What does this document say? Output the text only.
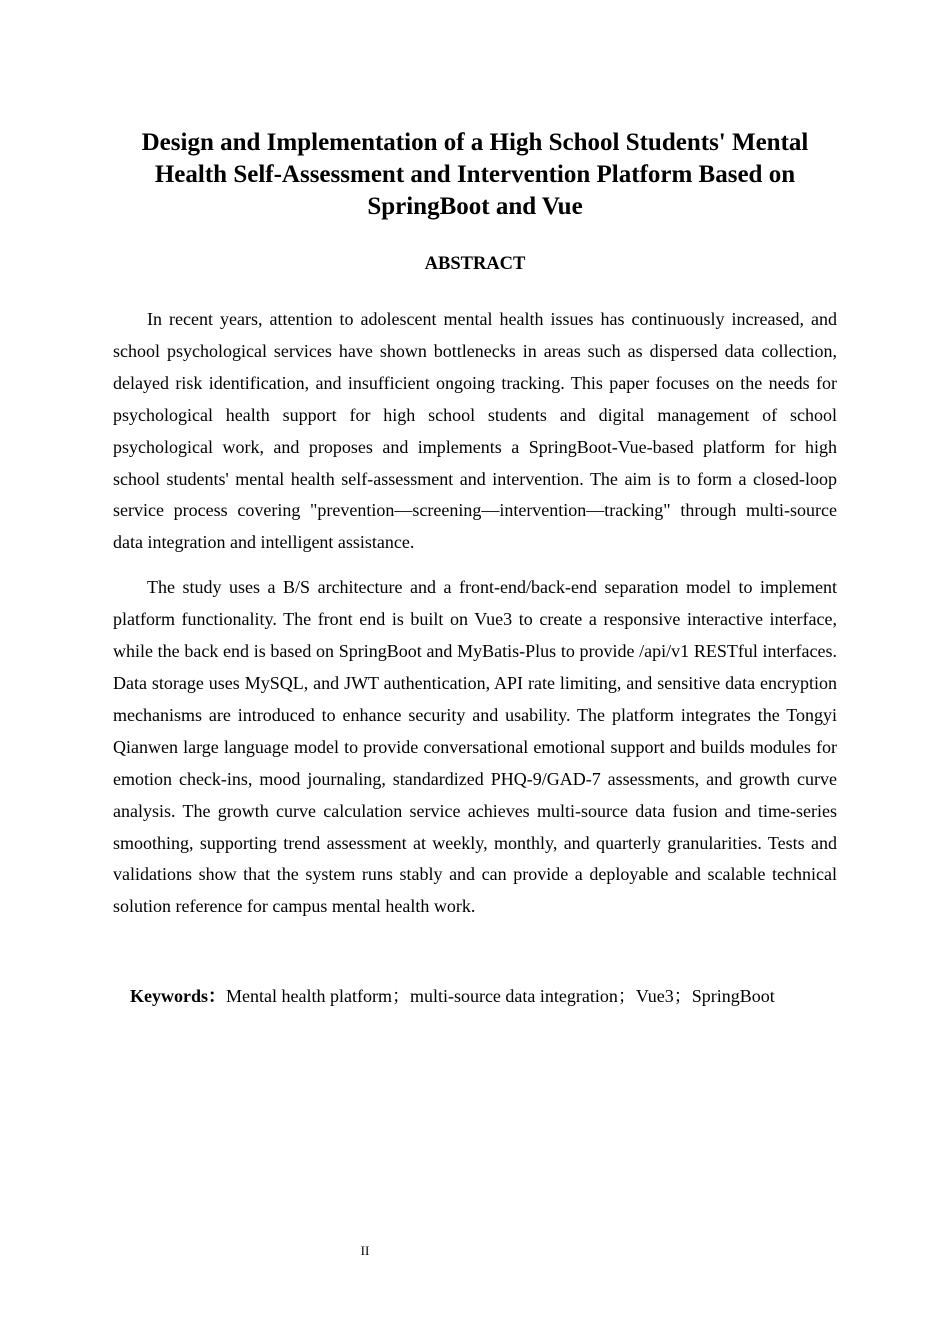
Design and Implementation of a High School Students' Mental Health Self-Assessment and Intervention Platform Based on SpringBoot and Vue
ABSTRACT

In recent years, attention to adolescent mental health issues has continuously increased, and school psychological services have shown bottlenecks in areas such as dispersed data collection, delayed risk identification, and insufficient ongoing tracking. This paper focuses on the needs for psychological health support for high school students and digital management of school psychological work, and proposes and implements a SpringBoot-Vue-based platform for high school students' mental health self-assessment and intervention. The aim is to form a closed-loop service process covering "prevention—screening—intervention—tracking" through multi-source data integration and intelligent assistance.

The study uses a B/S architecture and a front-end/back-end separation model to implement platform functionality. The front end is built on Vue3 to create a responsive interactive interface, while the back end is based on SpringBoot and MyBatis-Plus to provide /api/v1 RESTful interfaces. Data storage uses MySQL, and JWT authentication, API rate limiting, and sensitive data encryption mechanisms are introduced to enhance security and usability. The platform integrates the Tongyi Qianwen large language model to provide conversational emotional support and builds modules for emotion check-ins, mood journaling, standardized PHQ-9/GAD-7 assessments, and growth curve analysis. The growth curve calculation service achieves multi-source data fusion and time-series smoothing, supporting trend assessment at weekly, monthly, and quarterly granularities. Tests and validations show that the system runs stably and can provide a deployable and scalable technical solution reference for campus mental health work.

Keywords：Mental health platform；multi-source data integration；Vue3；SpringBoot

II
